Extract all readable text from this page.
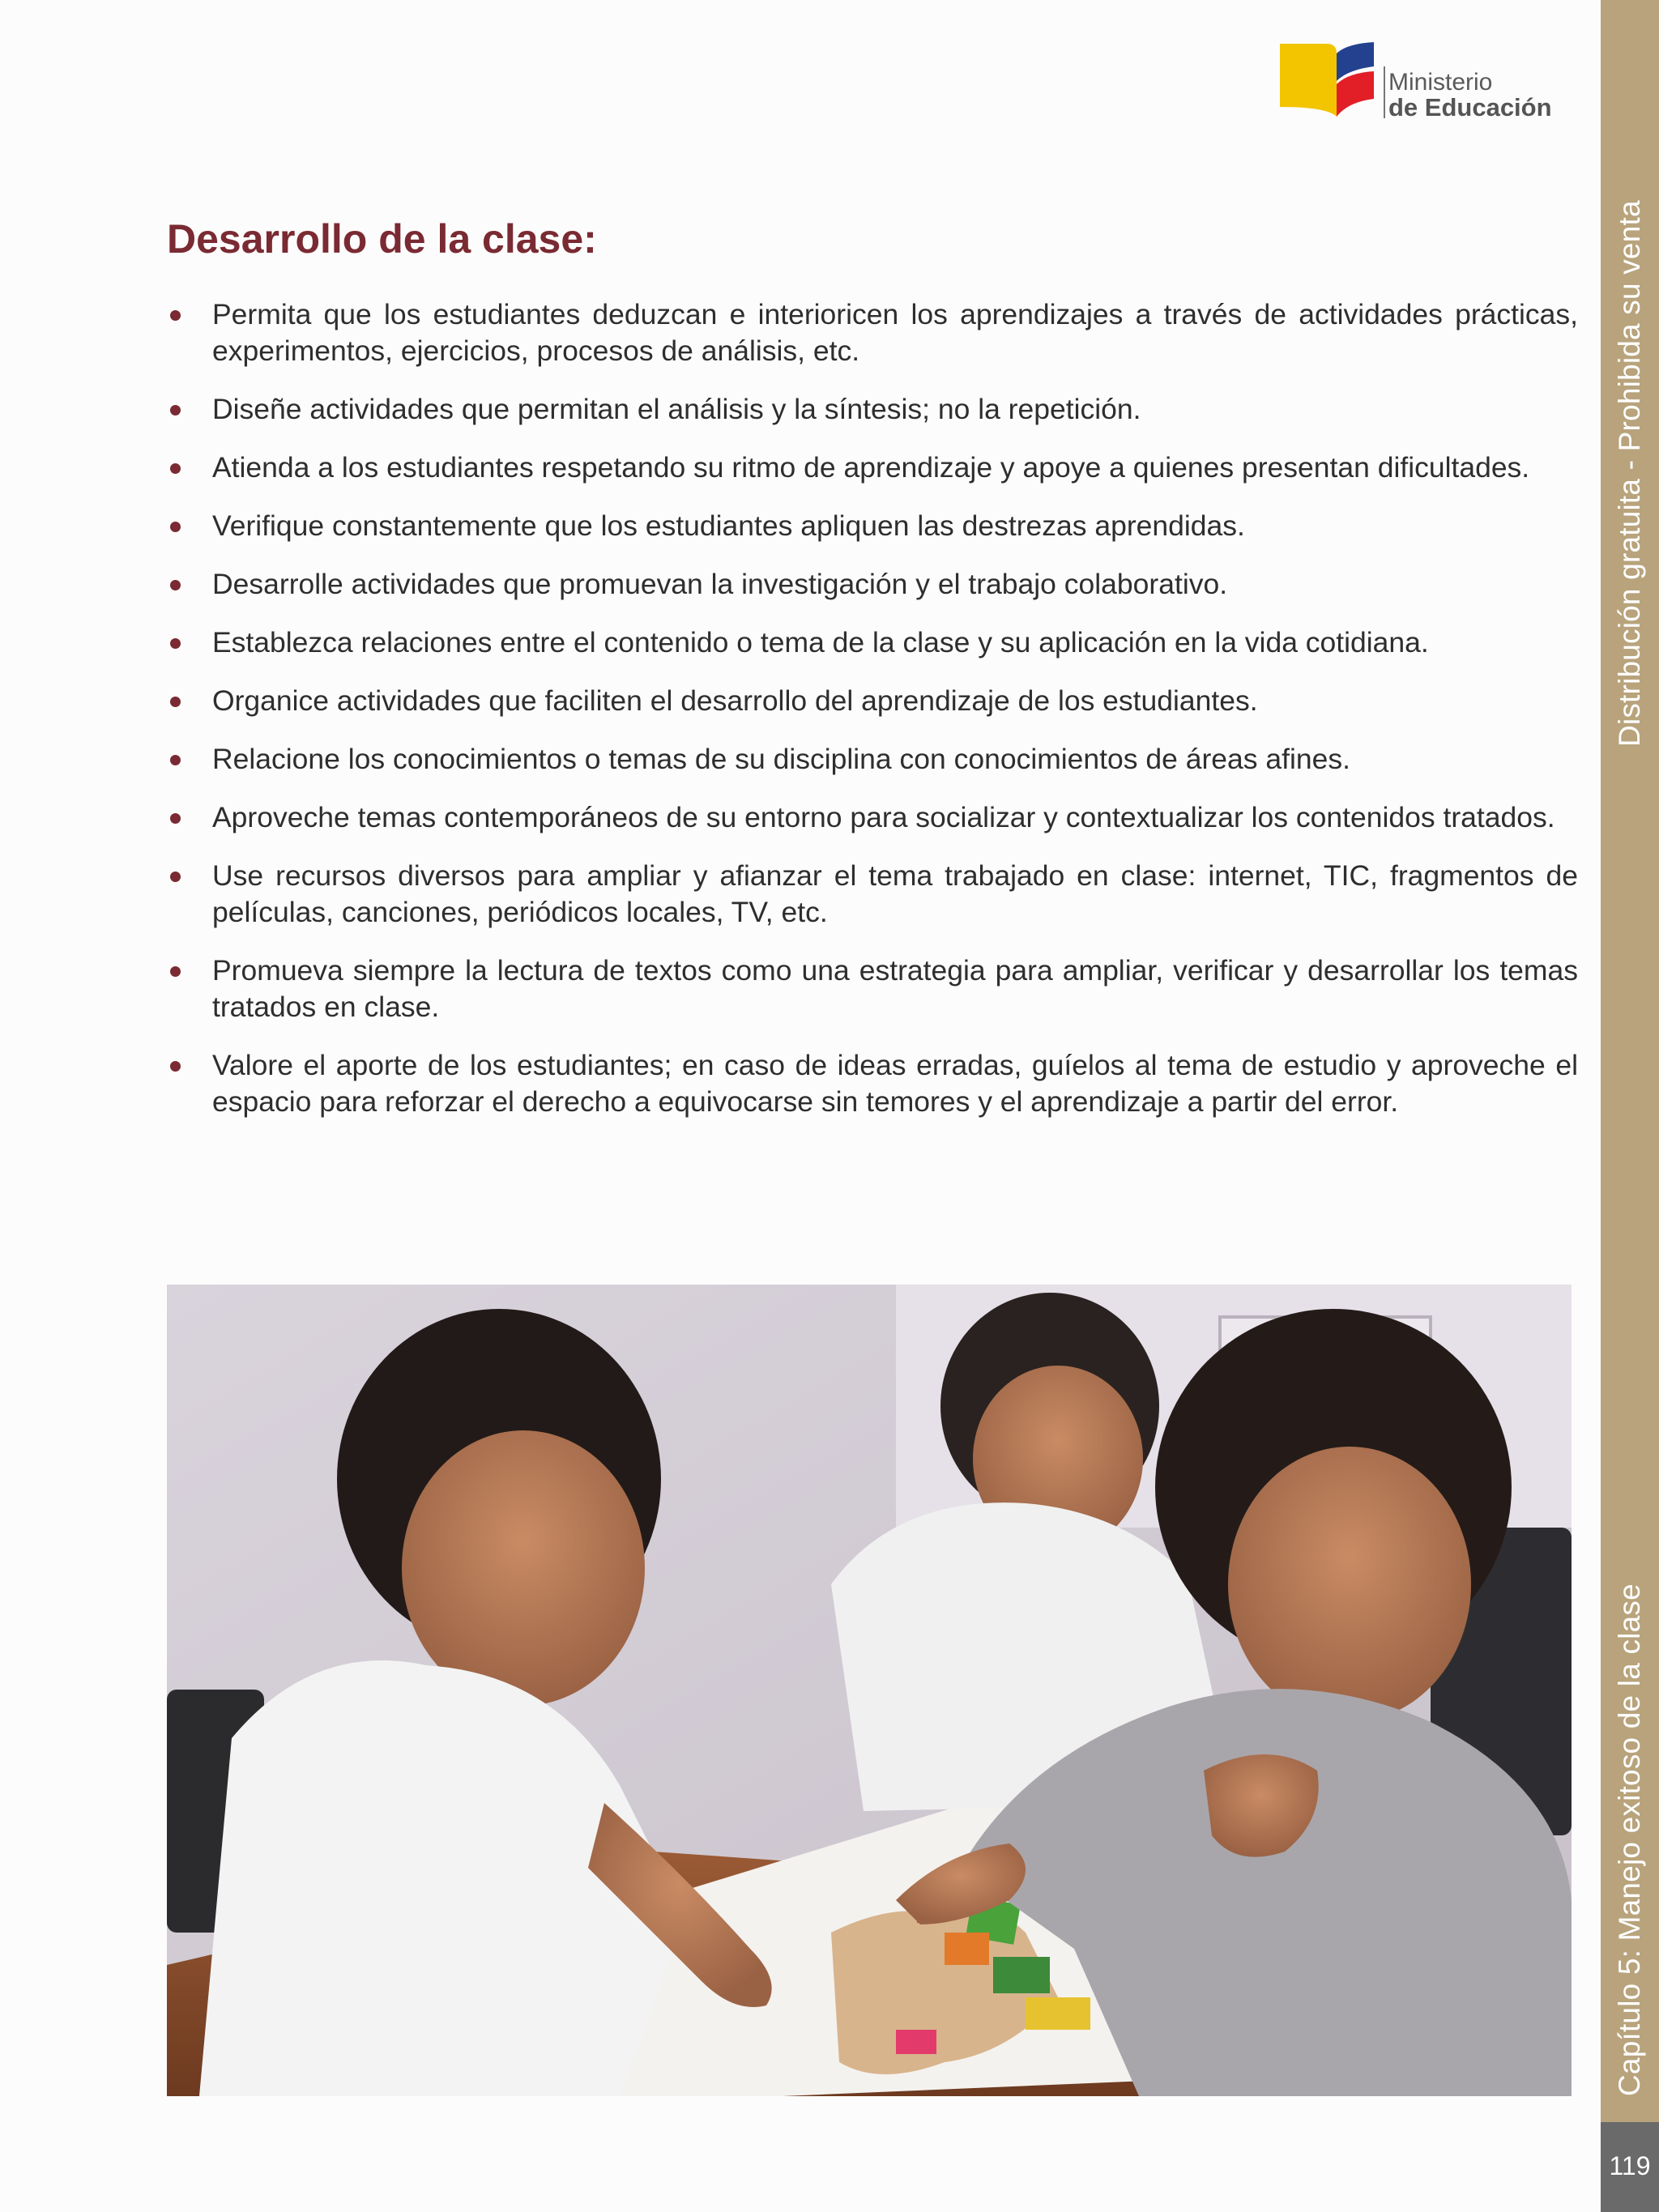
Ministerio
de Educación
Distribución gratuita - Prohibida su venta
Capítulo 5: Manejo exitoso de la clase
119
Desarrollo de la clase:
Permita que los estudiantes deduzcan e interioricen los aprendizajes a través de actividades prácticas, experimentos, ejercicios, procesos de análisis, etc.
Diseñe actividades que permitan el análisis y la síntesis; no la repetición.
Atienda a los estudiantes respetando su ritmo de aprendizaje y apoye a quienes presentan dificultades.
Verifique constantemente que los estudiantes apliquen las destrezas aprendidas.
Desarrolle actividades que promuevan la investigación y el trabajo colaborativo.
Establezca relaciones entre el contenido o tema de la clase y su aplicación en la vida cotidiana.
Organice actividades que faciliten el desarrollo del aprendizaje de los estudiantes.
Relacione los conocimientos o temas de su disciplina con conocimientos de áreas afines.
Aproveche temas contemporáneos de su entorno para socializar y contextualizar los contenidos tratados.
Use recursos diversos para ampliar y afianzar el tema trabajado en clase: internet, TIC, fragmentos de películas, canciones, periódicos locales, TV, etc.
Promueva siempre la lectura de textos como una estrategia para ampliar, verificar y desarrollar los temas tratados en clase.
Valore el aporte de los estudiantes; en caso de ideas erradas, guíelos al tema de estudio y aproveche el espacio para reforzar el derecho a equivocarse sin temores y el aprendizaje a partir del error.
